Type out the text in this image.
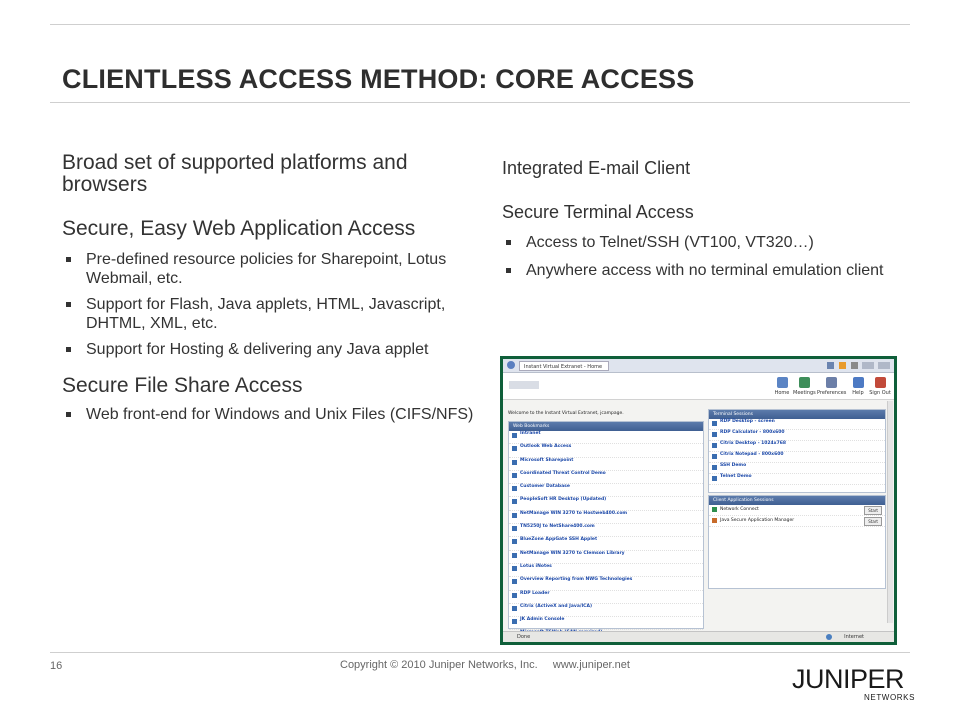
CLIENTLESS ACCESS METHOD: CORE ACCESS
Broad set of supported platforms and browsers
Secure, Easy Web Application Access
Pre-defined resource policies for Sharepoint, Lotus Webmail, etc.
Support for Flash, Java applets, HTML, Javascript, DHTML, XML, etc.
Support for Hosting & delivering any Java applet
Secure File Share Access
Web front-end for Windows and Unix Files (CIFS/NFS)
Integrated E-mail Client
Secure Terminal Access
Access to Telnet/SSH (VT100, VT320…)
Anywhere access with no terminal emulation client
Instant Virtual Extranet - Home
Home Meetings Preferences	Help	Sign Out
Welcome to the Instant Virtual Extranet, jcampage.
Web Bookmarks
Intranet
Outlook Web Access
Microsoft Sharepoint
Coordinated Threat Control Demo
Customer Database
PeopleSoft HR Desktop (Updated)
NetManage WIN 3270 to Hostweb400.com
TN5250J to NetShare400.com
BlueZone AppGate SSH Applet
NetManage WIN 3270 to Clemson Library
Lotus iNotes
Overview Reporting from NWG Technologies
RDP Loader
Citrix (ActiveX and Java/ICA)
JK Admin Console
Terminal Sessions
RDP Desktop - screen
RDP Calculator - 800x600
Citrix Desktop - 1024x768
Citrix Notepad - 800x600
SSH Demo
Telnet Demo
Client Application Sessions
Network Connect	Start
Java Secure Application Manager	Start
Done	Internet
16	Copyright © 2010 Juniper Networks, Inc.     www.juniper.net	JUNIPER
NETWORKS
